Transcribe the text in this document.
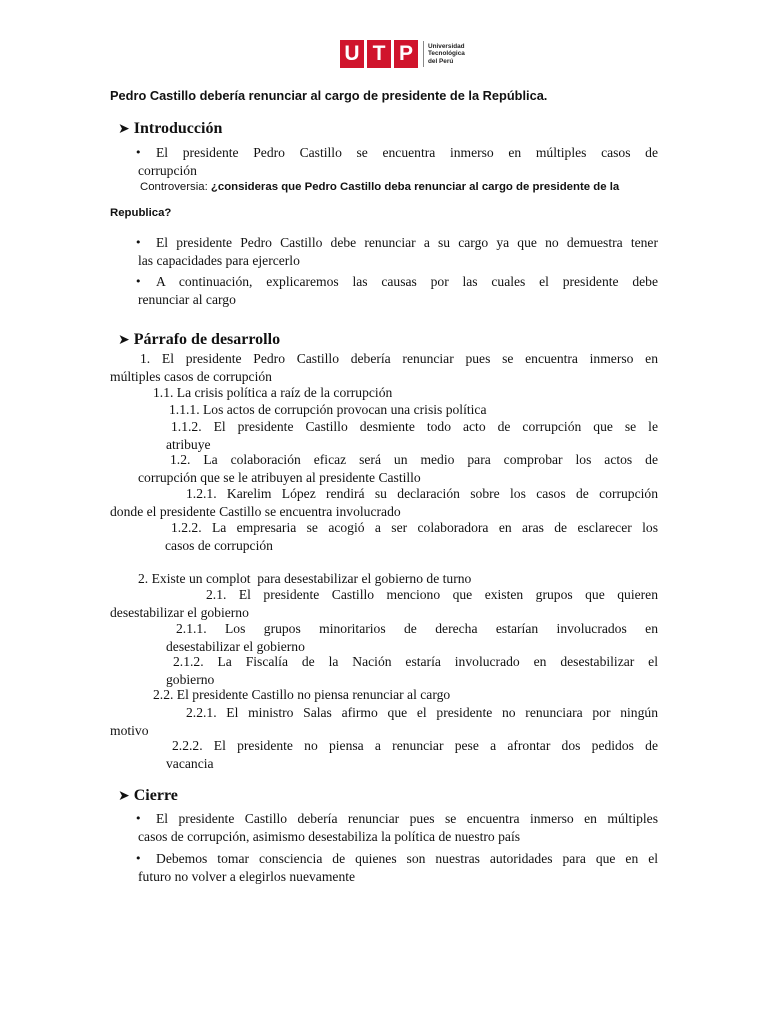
U T P	Universidad
Tecnológica
del Perú
Pedro Castillo debería renunciar al cargo de presidente de la República.
➤ Introducción
•	El presidente Pedro Castillo se encuentra inmerso en múltiples casos de
corrupción
Controversia: ¿consideras que Pedro Castillo deba renunciar al cargo de presidente de la
Republica?
•	El presidente Pedro Castillo debe renunciar a su cargo ya que no demuestra tener
las capacidades para ejercerlo
•	A continuación, explicaremos las causas por las cuales el presidente debe
renunciar al cargo
➤ Párrafo de desarrollo
1. El presidente Pedro Castillo debería renunciar pues se encuentra inmerso en
múltiples casos de corrupción
1.1. La crisis política a raíz de la corrupción
1.1.1. Los actos de corrupción provocan una crisis política
1.1.2. El presidente Castillo desmiente todo acto de corrupción que se le
atribuye
1.2. La colaboración eficaz será un medio para comprobar los actos de
corrupción que se le atribuyen al presidente Castillo
1.2.1. Karelim López rendirá su declaración sobre los casos de corrupción
donde el presidente Castillo se encuentra involucrado
1.2.2. La empresaria se acogió a ser colaboradora en aras de esclarecer los
casos de corrupción
2. Existe un complot  para desestabilizar el gobierno de turno
2.1. El presidente Castillo menciono que existen grupos que quieren
desestabilizar el gobierno
2.1.1. Los grupos minoritarios de derecha estarían involucrados en
desestabilizar el gobierno
2.1.2. La Fiscalía de la Nación estaría involucrado en desestabilizar el
gobierno
2.2. El presidente Castillo no piensa renunciar al cargo
2.2.1. El ministro Salas afirmo que el presidente no renunciara por ningún
motivo
2.2.2. El presidente no piensa a renunciar pese a afrontar dos pedidos de
vacancia
➤ Cierre
•	El presidente Castillo debería renunciar pues se encuentra inmerso en múltiples
casos de corrupción, asimismo desestabiliza la política de nuestro país
•	Debemos tomar consciencia de quienes son nuestras autoridades para que en el
futuro no volver a elegirlos nuevamente
